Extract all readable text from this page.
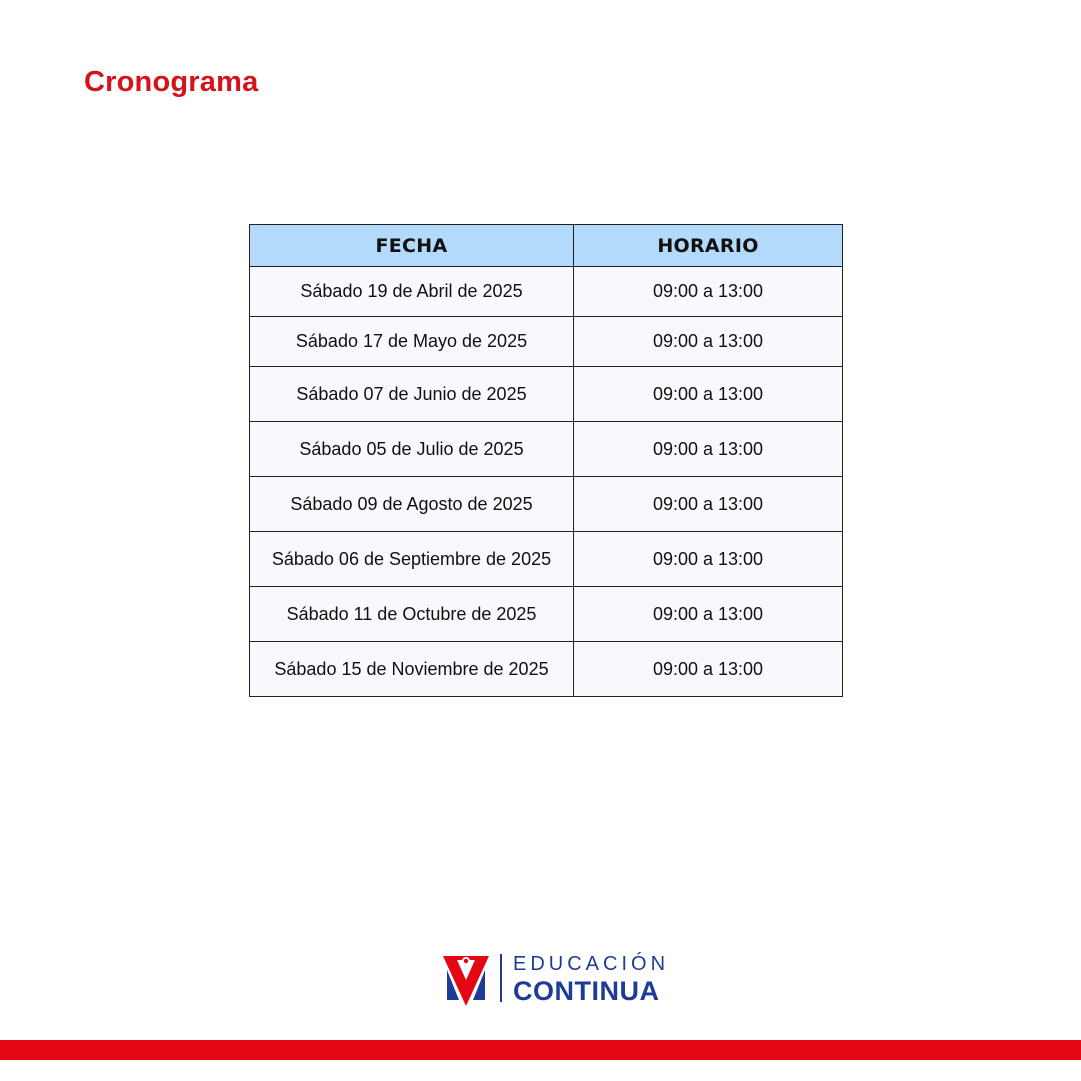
Cronograma
FECHA	HORARIO
Sábado 19 de Abril de 2025	09:00 a 13:00
Sábado 17 de Mayo de 2025	09:00 a 13:00
Sábado 07 de Junio de 2025	09:00 a 13:00
Sábado 05 de Julio de 2025	09:00 a 13:00
Sábado 09 de Agosto de 2025	09:00 a 13:00
Sábado 06 de Septiembre de 2025	09:00 a 13:00
Sábado 11 de Octubre de 2025	09:00 a 13:00
Sábado 15 de Noviembre de 2025	09:00 a 13:00
EDUCACIÓN
CONTINUA
